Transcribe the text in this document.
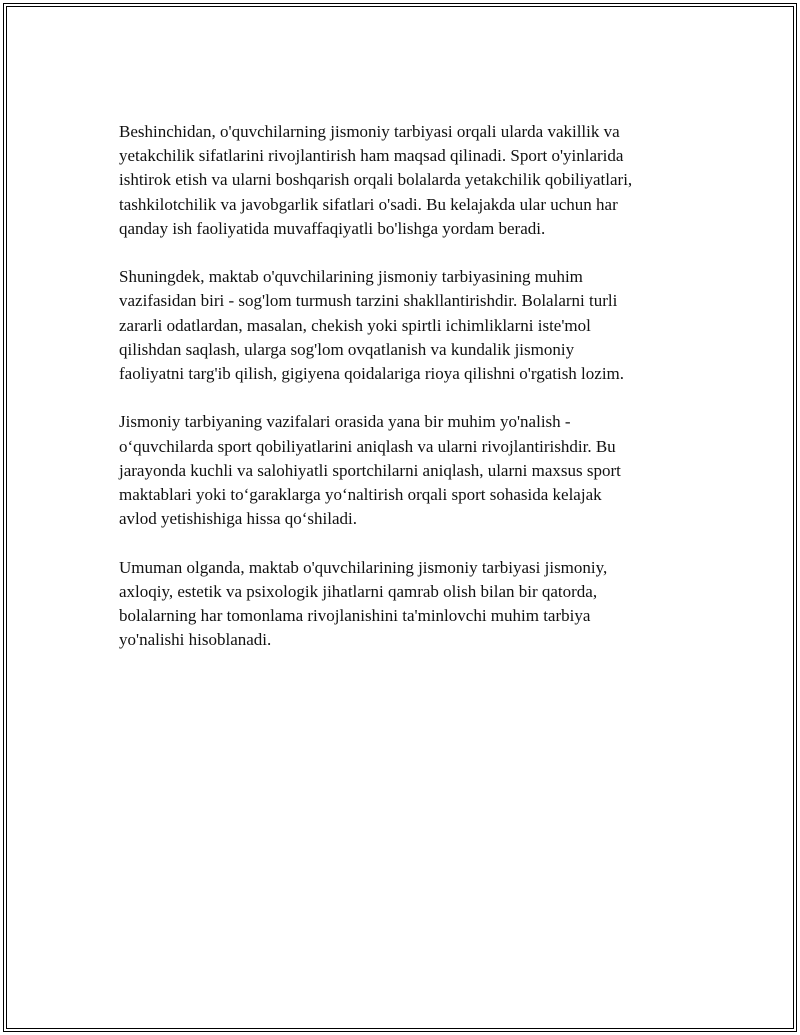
Beshinchidan, o'quvchilarning jismoniy tarbiyasi orqali ularda vakillik va
yetakchilik sifatlarini rivojlantirish ham maqsad qilinadi. Sport o'yinlarida
ishtirok etish va ularni boshqarish orqali bolalarda yetakchilik qobiliyatlari,
tashkilotchilik va javobgarlik sifatlari o'sadi. Bu kelajakda ular uchun har
qanday ish faoliyatida muvaffaqiyatli bo'lishga yordam beradi.

Shuningdek, maktab o'quvchilarining jismoniy tarbiyasining muhim
vazifasidan biri - sog'lom turmush tarzini shakllantirishdir. Bolalarni turli
zararli odatlardan, masalan, chekish yoki spirtli ichimliklarni iste'mol
qilishdan saqlash, ularga sog'lom ovqatlanish va kundalik jismoniy
faoliyatni targ'ib qilish, gigiyena qoidalariga rioya qilishni o'rgatish lozim.

Jismoniy tarbiyaning vazifalari orasida yana bir muhim yo'nalish -
o‘quvchilarda sport qobiliyatlarini aniqlash va ularni rivojlantirishdir. Bu
jarayonda kuchli va salohiyatli sportchilarni aniqlash, ularni maxsus sport
maktablari yoki to‘garaklarga yo‘naltirish orqali sport sohasida kelajak
avlod yetishishiga hissa qo‘shiladi.

Umuman olganda, maktab o'quvchilarining jismoniy tarbiyasi jismoniy,
axloqiy, estetik va psixologik jihatlarni qamrab olish bilan bir qatorda,
bolalarning har tomonlama rivojlanishini ta'minlovchi muhim tarbiya
yo'nalishi hisoblanadi.
